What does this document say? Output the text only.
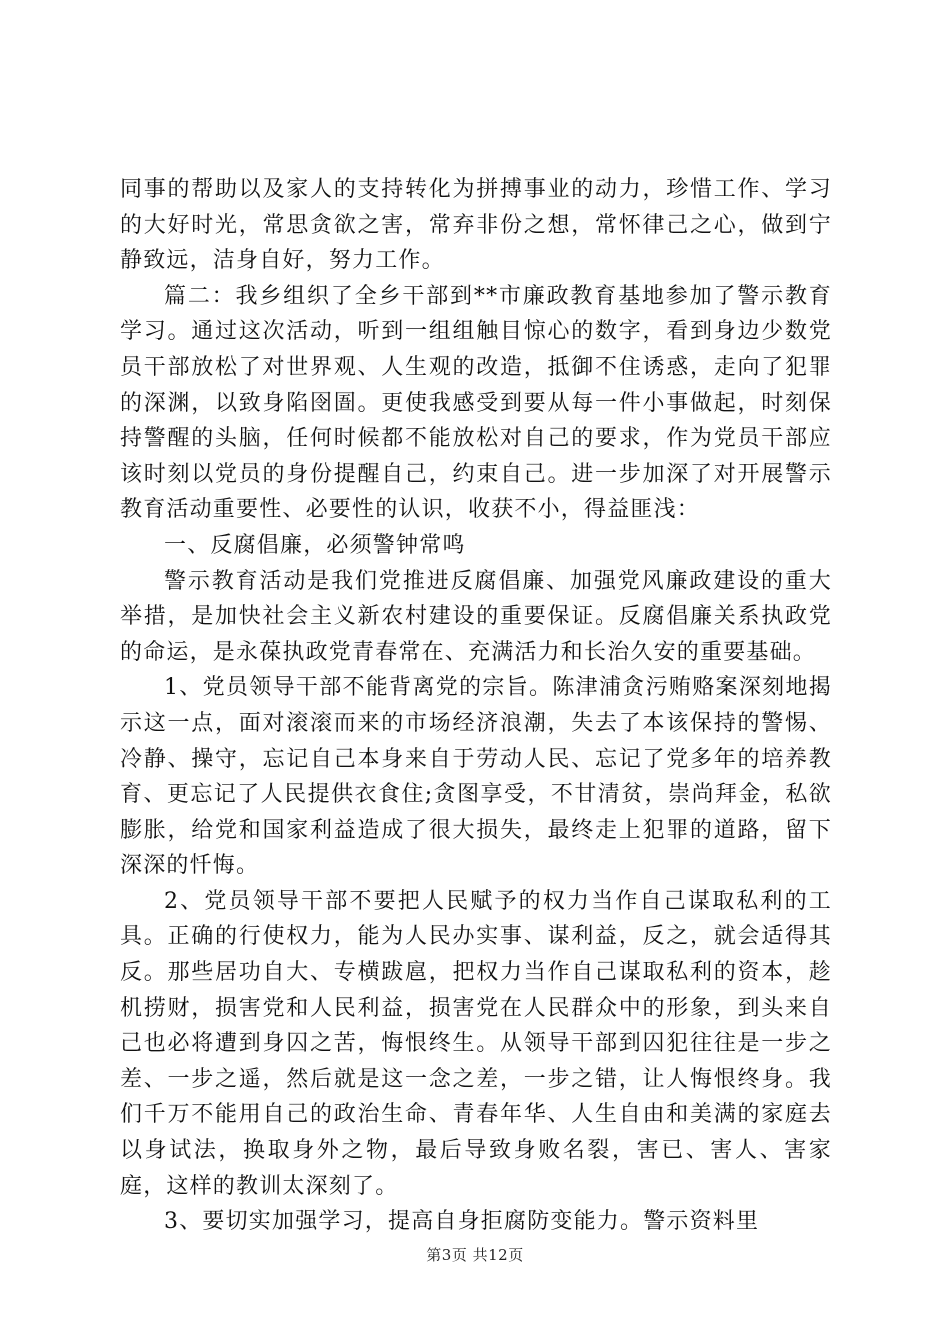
同事的帮助以及家人的支持转化为拼搏事业的动力，珍惜工作、学习的大好时光，常思贪欲之害，常弃非份之想，常怀律己之心，做到宁静致远，洁身自好，努力工作。

篇二：我乡组织了全乡干部到**市廉政教育基地参加了警示教育学习。通过这次活动，听到一组组触目惊心的数字，看到身边少数党员干部放松了对世界观、人生观的改造，抵御不住诱惑，走向了犯罪的深渊，以致身陷囹圄。更使我感受到要从每一件小事做起，时刻保持警醒的头脑，任何时候都不能放松对自己的要求，作为党员干部应该时刻以党员的身份提醒自己，约束自己。进一步加深了对开展警示教育活动重要性、必要性的认识，收获不小，得益匪浅：

一、反腐倡廉，必须警钟常鸣

警示教育活动是我们党推进反腐倡廉、加强党风廉政建设的重大举措，是加快社会主义新农村建设的重要保证。反腐倡廉关系执政党的命运，是永葆执政党青春常在、充满活力和长治久安的重要基础。

1、党员领导干部不能背离党的宗旨。陈津浦贪污贿赂案深刻地揭示这一点，面对滚滚而来的市场经济浪潮，失去了本该保持的警惕、冷静、操守，忘记自己本身来自于劳动人民、忘记了党多年的培养教育、更忘记了人民提供衣食住;贪图享受，不甘清贫，崇尚拜金，私欲膨胀，给党和国家利益造成了很大损失，最终走上犯罪的道路，留下深深的忏悔。

2、党员领导干部不要把人民赋予的权力当作自己谋取私利的工具。正确的行使权力，能为人民办实事、谋利益，反之，就会适得其反。那些居功自大、专横跋扈，把权力当作自己谋取私利的资本，趁机捞财，损害党和人民利益，损害党在人民群众中的形象，到头来自己也必将遭到身囚之苦，悔恨终生。从领导干部到囚犯往往是一步之差、一步之遥，然后就是这一念之差，一步之错，让人悔恨终身。我们千万不能用自己的政治生命、青春年华、人生自由和美满的家庭去以身试法，换取身外之物，最后导致身败名裂，害已、害人、害家庭，这样的教训太深刻了。

3、要切实加强学习，提高自身拒腐防变能力。警示资料里

第3页 共12页
